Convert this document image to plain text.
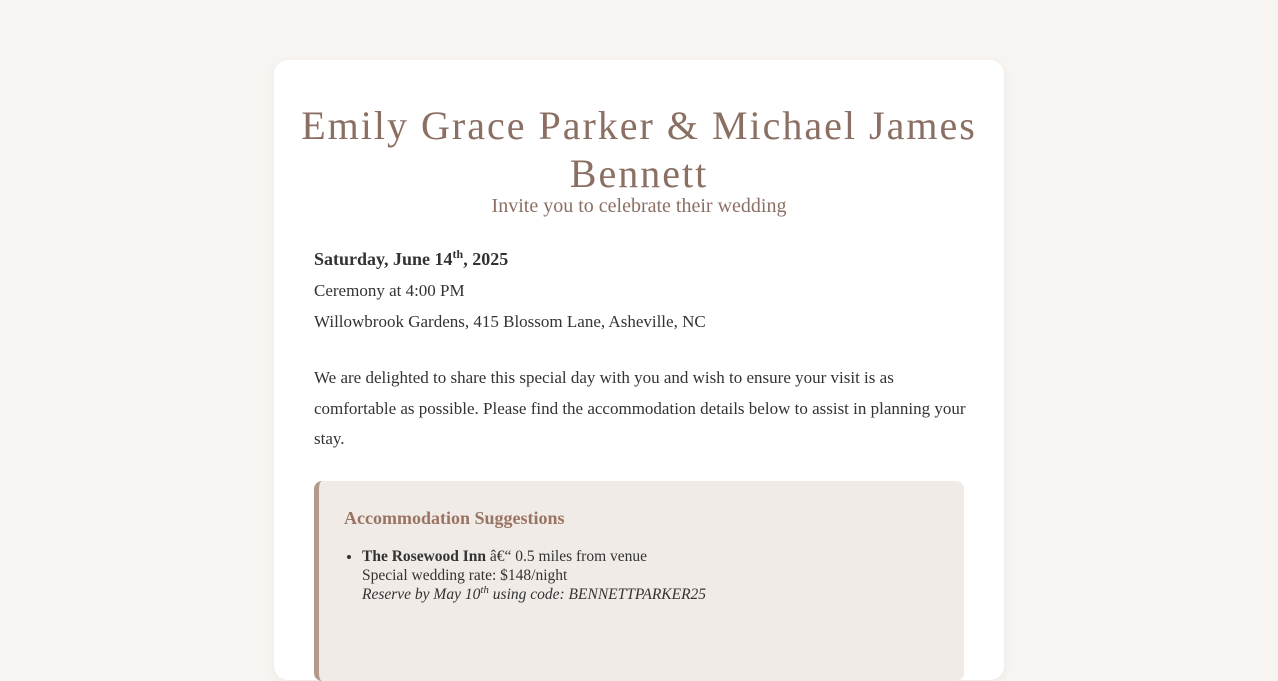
Emily Grace Parker & Michael James Bennett
Invite you to celebrate their wedding
Saturday, June 14th, 2025
Ceremony at 4:00 PM
Willowbrook Gardens, 415 Blossom Lane, Asheville, NC
We are delighted to share this special day with you and wish to ensure your visit is as comfortable as possible. Please find the accommodation details below to assist in planning your stay.
Accommodation Suggestions
• The Rosewood Inn â€“ 0.5 miles from venue
Special wedding rate: $148/night
Reserve by May 10th using code: BENNETTPARKER25
